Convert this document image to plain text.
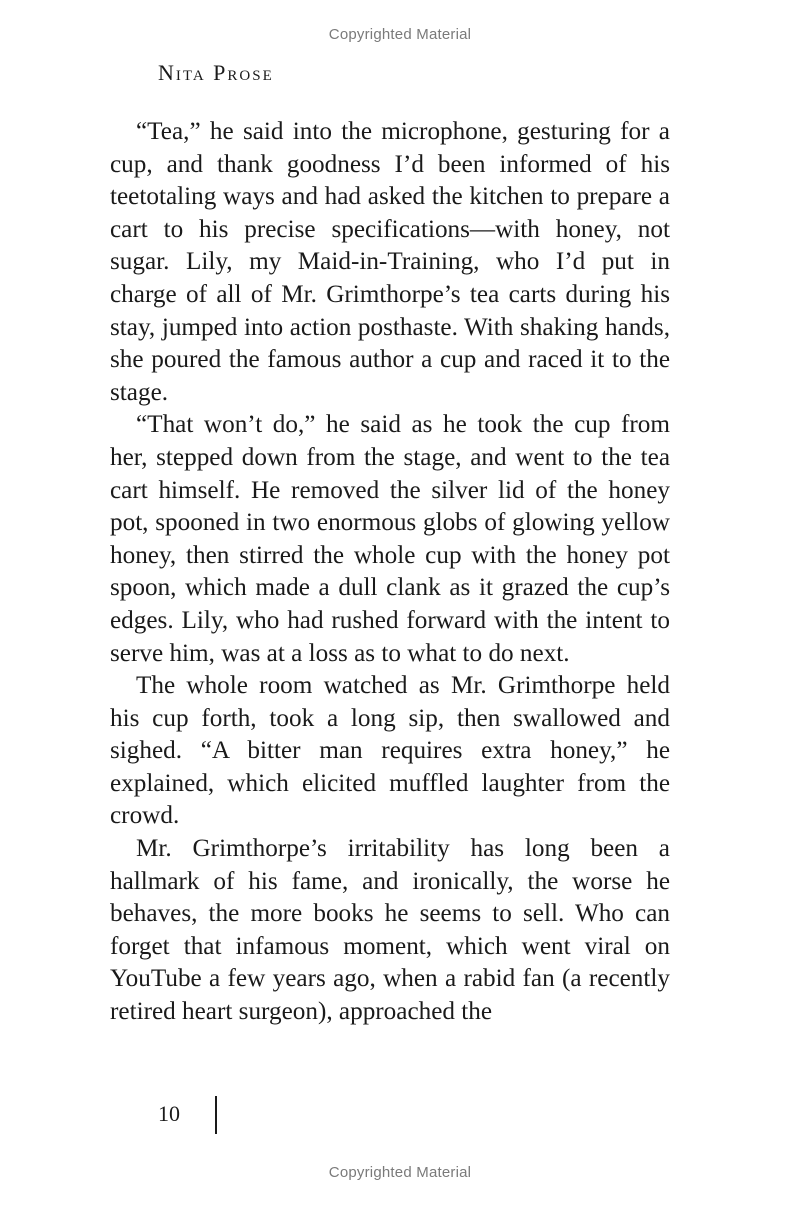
Copyrighted Material
Nita Prose

“Tea,” he said into the microphone, gesturing for a cup, and thank goodness I’d been informed of his teetotaling ways and had asked the kitchen to prepare a cart to his precise specifications—with honey, not sugar. Lily, my Maid-in-Training, who I’d put in charge of all of Mr. Grimthorpe’s tea carts during his stay, jumped into action posthaste. With shaking hands, she poured the famous author a cup and raced it to the stage.

“That won’t do,” he said as he took the cup from her, stepped down from the stage, and went to the tea cart himself. He removed the silver lid of the honey pot, spooned in two enormous globs of glowing yellow honey, then stirred the whole cup with the honey pot spoon, which made a dull clank as it grazed the cup’s edges. Lily, who had rushed forward with the intent to serve him, was at a loss as to what to do next.

The whole room watched as Mr. Grimthorpe held his cup forth, took a long sip, then swallowed and sighed. “A bitter man requires extra honey,” he explained, which elicited muffled laughter from the crowd.

Mr. Grimthorpe’s irritability has long been a hallmark of his fame, and ironically, the worse he behaves, the more books he seems to sell. Who can forget that infamous moment, which went viral on YouTube a few years ago, when a rabid fan (a recently retired heart surgeon), approached the

10
Copyrighted Material
